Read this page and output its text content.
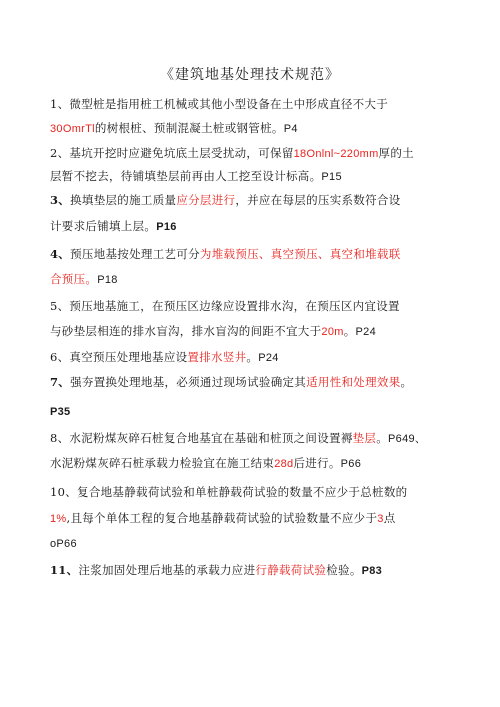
《建筑地基处理技术规范》
1、微型桩是指用桩工机械或其他小型设备在土中形成直径不大于
30OmrTl的树根桩、预制混凝土桩或钢管桩。P4
2、基坑开挖时应避免坑底土层受扰动，可保留18Onlnl~220mm厚的土
层暂不挖去，待铺填垫层前再由人工挖至设计标高。P15
3、换填垫层的施工质量应分层进行，并应在每层的压实系数符合设
计要求后铺填上层。P16
4、预压地基按处理工艺可分为堆载预压、真空预压、真空和堆载联
合预压。P18
5、预压地基施工，在预压区边缘应设置排水沟，在预压区内宜设置
与砂垫层相连的排水盲沟，排水盲沟的间距不宜大于20m。P24
6、真空预压处理地基应设置排水竖井。P24
7、强夯置换处理地基，必须通过现场试验确定其适用性和处理效果。
P35
8、水泥粉煤灰碎石桩复合地基宜在基础和桩顶之间设置褥垫层。P649、
水泥粉煤灰碎石桩承载力检验宜在施工结束28d后进行。P66
10、复合地基静载荷试验和单桩静载荷试验的数量不应少于总桩数的
1%,且每个单体工程的复合地基静载荷试验的试验数量不应少于3点
oP66
11、注浆加固处理后地基的承载力应进行静载荷试验检验。P83
